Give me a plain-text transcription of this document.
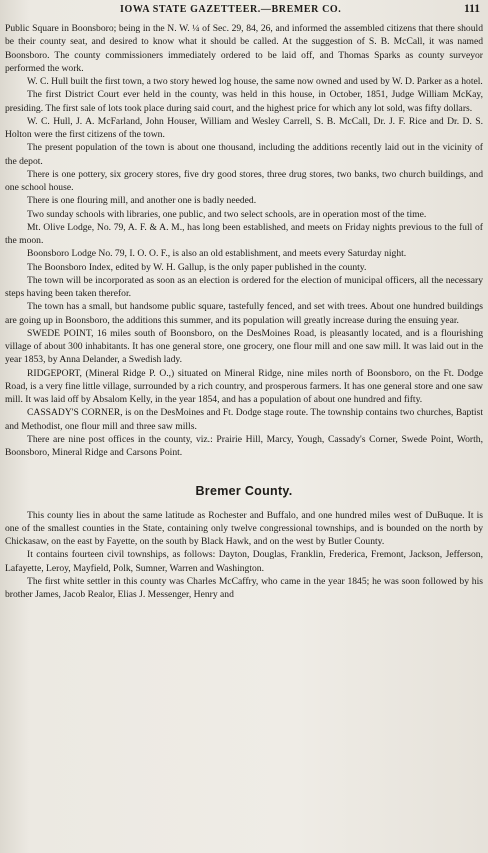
IOWA STATE GAZETTEER.—BREMER CO.	111

Public Square in Boonsboro; being in the N. W. ¼ of Sec. 29, 84, 26, and informed the assembled citizens that there should be their county seat, and desired to know what it should be called. At the suggestion of S. B. McCall, it was named Boonsboro. The county commissioners immediately ordered to be laid off, and Thomas Sparks as county surveyor performed the work.

W. C. Hull built the first town, a two story hewed log house, the same now owned and used by W. D. Parker as a hotel.

The first District Court ever held in the county, was held in this house, in October, 1851, Judge William McKay, presiding. The first sale of lots took place during said court, and the highest price for which any lot sold, was fifty dollars.

W. C. Hull, J. A. McFarland, John Houser, William and Wesley Carrell, S. B. McCall, Dr. J. F. Rice and Dr. D. S. Holton were the first citizens of the town.

The present population of the town is about one thousand, including the additions recently laid out in the vicinity of the depot.

There is one pottery, six grocery stores, five dry good stores, three drug stores, two banks, two church buildings, and one school house.

There is one flouring mill, and another one is badly needed.

Two sunday schools with libraries, one public, and two select schools, are in operation most of the time.

Mt. Olive Lodge, No. 79, A. F. & A. M., has long been established, and meets on Friday nights previous to the full of the moon.

Boonsboro Lodge No. 79, I. O. O. F., is also an old establishment, and meets every Saturday night.

The Boonsboro Index, edited by W. H. Gallup, is the only paper published in the county.

The town will be incorporated as soon as an election is ordered for the election of municipal officers, all the necessary steps having been taken therefor.

The town has a small, but handsome public square, tastefully fenced, and set with trees. About one hundred buildings are going up in Boonsboro, the additions this summer, and its population will greatly increase during the ensuing year.

SWEDE POINT, 16 miles south of Boonsboro, on the DesMoines Road, is pleasantly located, and is a flourishing village of about 300 inhabitants. It has one general store, one grocery, one flour mill and one saw mill. It was laid out in the year 1853, by Anna Delander, a Swedish lady.

RIDGEPORT, (Mineral Ridge P. O.,) situated on Mineral Ridge, nine miles north of Boonsboro, on the Ft. Dodge Road, is a very fine little village, surrounded by a rich country, and prosperous farmers. It has one general store and one saw mill. It was laid off by Absalom Kelly, in the year 1854, and has a population of about one hundred and fifty.

CASSADY'S CORNER, is on the DesMoines and Ft. Dodge stage route. The township contains two churches, Baptist and Methodist, one flour mill and three saw mills.

There are nine post offices in the county, viz.: Prairie Hill, Marcy, Yough, Cassady's Corner, Swede Point, Worth, Boonsboro, Mineral Ridge and Carsons Point.

Bremer County.

This county lies in about the same latitude as Rochester and Buffalo, and one hundred miles west of DuBuque. It is one of the smallest counties in the State, containing only twelve congressional townships, and is bounded on the north by Chickasaw, on the east by Fayette, on the south by Black Hawk, and on the west by Butler County.

It contains fourteen civil townships, as follows: Dayton, Douglas, Franklin, Frederica, Fremont, Jackson, Jefferson, Lafayette, Leroy, Mayfield, Polk, Sumner, Warren and Washington.

The first white settler in this county was Charles McCaffry, who came in the year 1845; he was soon followed by his brother James, Jacob Realor, Elias J. Messenger, Henry and
